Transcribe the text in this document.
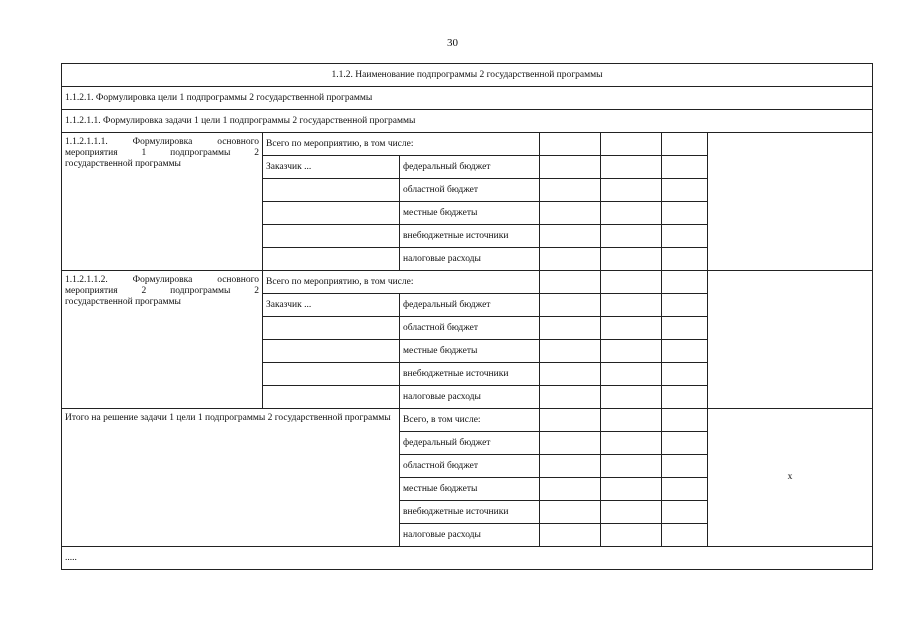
30
1.1.2. Наименование подпрограммы 2 государственной программы						
1.1.2.1. Формулировка цели 1 подпрограммы 2 государственной программы						
1.1.2.1.1. Формулировка задачи 1 цели 1 подпрограммы 2 государственной программы						
1.1.2.1.1.1. Формулировка основного мероприятия 1 подпрограммы 2 государственной программы	Всего по мероприятию, в том числе:					
	Заказчик ...	федеральный бюджет				
		областной бюджет				
		местные бюджеты				
		внебюджетные источники				
		налоговые расходы				
1.1.2.1.1.2. Формулировка основного мероприятия 2 подпрограммы 2 государственной программы	Всего по мероприятию, в том числе:					
	Заказчик ...	федеральный бюджет				
		областной бюджет				
		местные бюджеты				
		внебюджетные источники				
		налоговые расходы				
Итого на решение задачи 1 цели 1 подпрограммы 2 государственной программы		Всего, в том числе:				х
		федеральный бюджет				
		областной бюджет				
		местные бюджеты				
		внебюджетные источники				
		налоговые расходы				
.....						
